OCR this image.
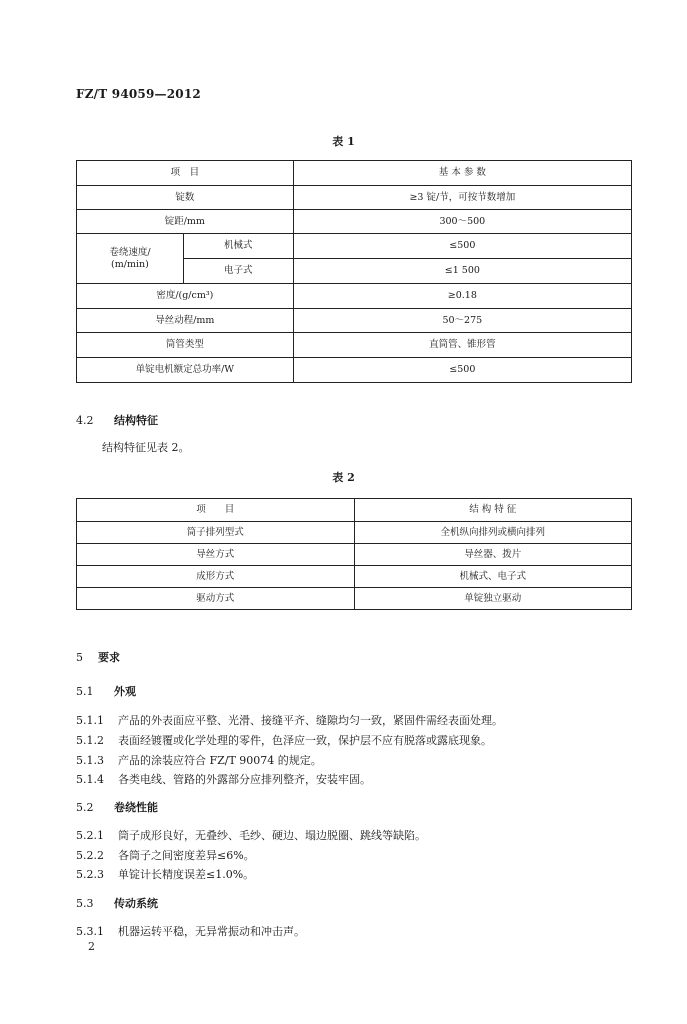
FZ/T 94059—2012
表 1
项　目		基 本 参 数
锭数		≥3 锭/节，可按节数增加
锭距/mm		300～500
卷绕速度/ (m/min)	机械式	≤500
	电子式	≤1 500
密度/(g/cm³)		≥0.18
导丝动程/mm		50～275
筒管类型		直筒管、锥形管
单锭电机额定总功率/W		≤500
4.2 结构特征
结构特征见表 2。
表 2
项　　目	结 构 特 征
筒子排列型式	全机纵向排列或横向排列
导丝方式	导丝器、拨片
成形方式	机械式、电子式
驱动方式	单锭独立驱动
5 要求
5.1 外观
5.1.1 产品的外表面应平整、光滑、接缝平齐、缝隙均匀一致，紧固件需经表面处理。
5.1.2 表面经镀覆或化学处理的零件，色泽应一致，保护层不应有脱落或露底现象。
5.1.3 产品的涂装应符合 FZ/T 90074 的规定。
5.1.4 各类电线、管路的外露部分应排列整齐，安装牢固。
5.2 卷绕性能
5.2.1 筒子成形良好，无叠纱、毛纱、硬边、塌边脱圈、跳线等缺陷。
5.2.2 各筒子之间密度差异≤6%。
5.2.3 单锭计长精度误差≤1.0%。
5.3 传动系统
5.3.1 机器运转平稳，无异常振动和冲击声。
2
